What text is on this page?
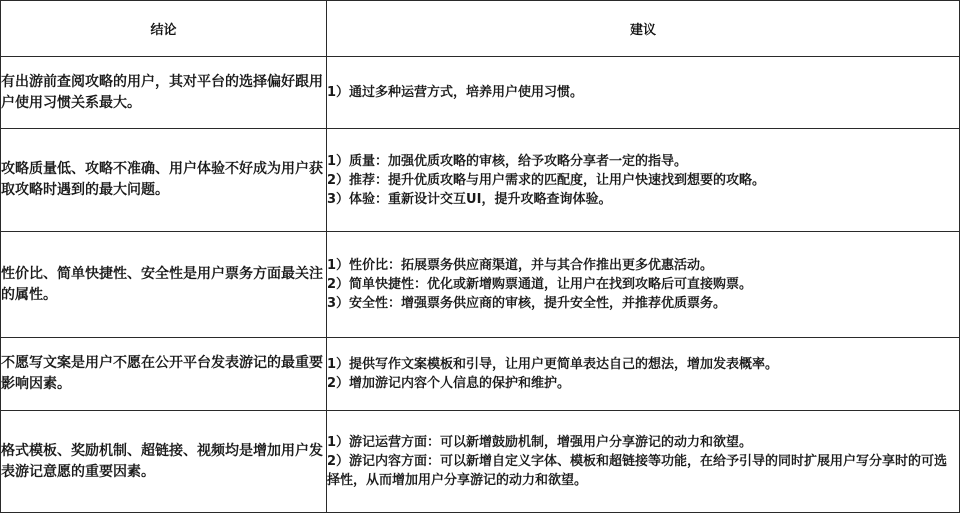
结论	建议
有出游前查阅攻略的用户，其对平台的选择偏好跟用户使用习惯关系最大。	1）通过多种运营方式，培养用户使用习惯。

攻略质量低、攻略不准确、用户体验不好成为用户获取攻略时遇到的最大问题。	1）质量：加强优质攻略的审核，给予攻略分享者一定的指导。
2）推荐：提升优质攻略与用户需求的匹配度，让用户快速找到想要的攻略。
3）体验：重新设计交互UI，提升攻略查询体验。

性价比、简单快捷性、安全性是用户票务方面最关注的属性。	1）性价比：拓展票务供应商渠道，并与其合作推出更多优惠活动。
2）简单快捷性：优化或新增购票通道，让用户在找到攻略后可直接购票。
3）安全性：增强票务供应商的审核，提升安全性，并推荐优质票务。

不愿写文案是用户不愿在公开平台发表游记的最重要影响因素。	1）提供写作文案模板和引导，让用户更简单表达自己的想法，增加发表概率。
2）增加游记内容个人信息的保护和维护。

格式模板、奖励机制、超链接、视频均是增加用户发表游记意愿的重要因素。	1）游记运营方面：可以新增鼓励机制，增强用户分享游记的动力和欲望。
2）游记内容方面：可以新增自定义字体、模板和超链接等功能，在给予引导的同时扩展用户写分享时的可选择性，从而增加用户分享游记的动力和欲望。
